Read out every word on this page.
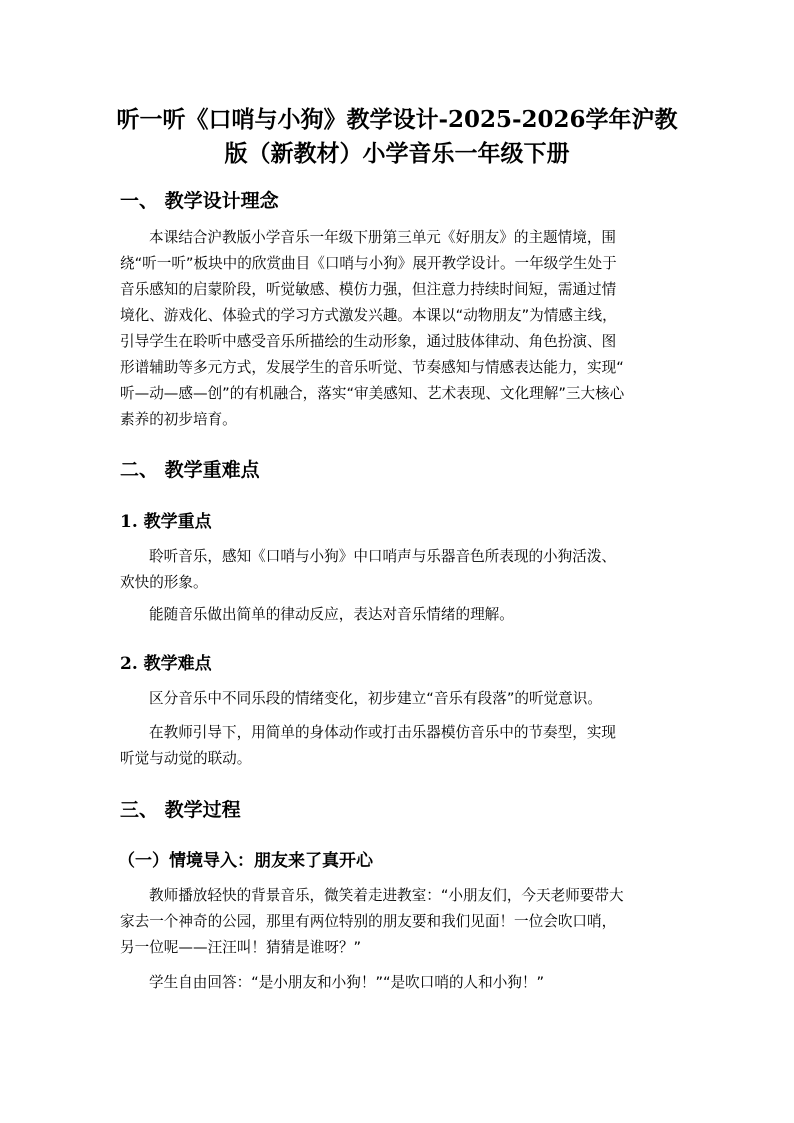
听一听《口哨与小狗》教学设计-2025-2026学年沪教
版（新教材）小学音乐一年级下册
一、 教学设计理念

本课结合沪教版小学音乐一年级下册第三单元《好朋友》的主题情境，围
绕“听一听”板块中的欣赏曲目《口哨与小狗》展开教学设计。一年级学生处于
音乐感知的启蒙阶段，听觉敏感、模仿力强，但注意力持续时间短，需通过情
境化、游戏化、体验式的学习方式激发兴趣。本课以“动物朋友”为情感主线，
引导学生在聆听中感受音乐所描绘的生动形象，通过肢体律动、角色扮演、图
形谱辅助等多元方式，发展学生的音乐听觉、节奏感知与情感表达能力，实现“
听—动—感—创”的有机融合，落实“审美感知、艺术表现、文化理解”三大核心
素养的初步培育。

二、 教学重难点
1. 教学重点

聆听音乐，感知《口哨与小狗》中口哨声与乐器音色所表现的小狗活泼、
欢快的形象。

能随音乐做出简单的律动反应，表达对音乐情绪的理解。

2. 教学难点

区分音乐中不同乐段的情绪变化，初步建立“音乐有段落”的听觉意识。

在教师引导下，用简单的身体动作或打击乐器模仿音乐中的节奏型，实现
听觉与动觉的联动。

三、 教学过程
（一）情境导入：朋友来了真开心

教师播放轻快的背景音乐，微笑着走进教室：“小朋友们，今天老师要带大
家去一个神奇的公园，那里有两位特别的朋友要和我们见面！一位会吹口哨，
另一位呢——汪汪叫！猜猜是谁呀？”

学生自由回答：“是小朋友和小狗！”“是吹口哨的人和小狗！”
